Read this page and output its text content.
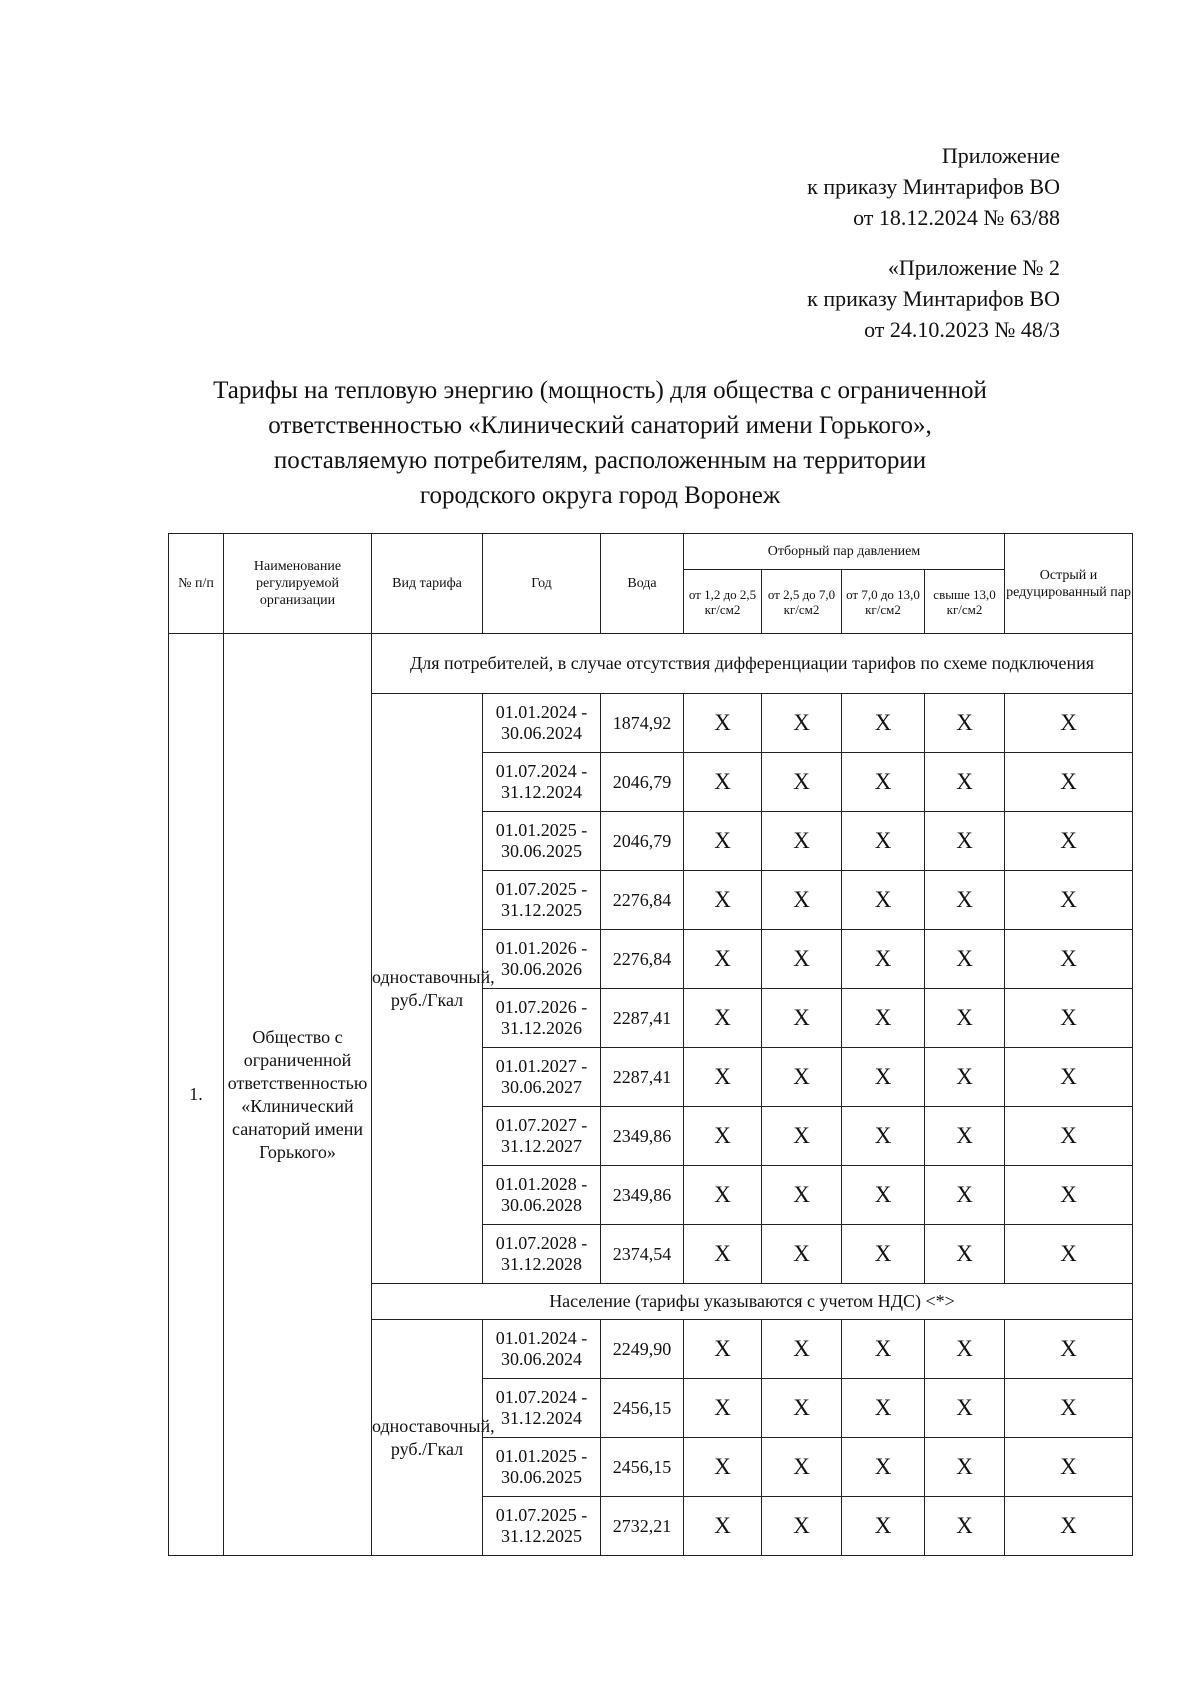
Приложение
к приказу Минтарифов ВО
от 18.12.2024 № 63/88
«Приложение № 2
к приказу Минтарифов ВО
от 24.10.2023 № 48/3
Тарифы на тепловую энергию (мощность) для общества с ограниченной
ответственностью «Клинический санаторий имени Горького»,
поставляемую потребителям, расположенным на территории
городского округа город Воронеж
№ п/п	Наименование регулируемой организации	Вид тарифа	Год	Вода	Отборный пар давлением				Острый и редуцированный пар
					от 1,2 до 2,5 кг/см2	от 2,5 до 7,0 кг/см2	от 7,0 до 13,0 кг/см2	свыше 13,0 кг/см2	
1.	Общество с ограниченной ответственностью «Клинический санаторий имени Горького»	Для потребителей, в случае отсутствия дифференциации тарифов по схеме подключения							
		одноставочный, руб./Гкал	01.01.2024 - 30.06.2024	1874,92	X	X	X	X	X
			01.07.2024 - 31.12.2024	2046,79	X	X	X	X	X
			01.01.2025 - 30.06.2025	2046,79	X	X	X	X	X
			01.07.2025 - 31.12.2025	2276,84	X	X	X	X	X
			01.01.2026 - 30.06.2026	2276,84	X	X	X	X	X
			01.07.2026 - 31.12.2026	2287,41	X	X	X	X	X
			01.01.2027 - 30.06.2027	2287,41	X	X	X	X	X
			01.07.2027 - 31.12.2027	2349,86	X	X	X	X	X
			01.01.2028 - 30.06.2028	2349,86	X	X	X	X	X
			01.07.2028 - 31.12.2028	2374,54	X	X	X	X	X
		Население (тарифы указываются с учетом НДС) <*>							
		одноставочный, руб./Гкал	01.01.2024 - 30.06.2024	2249,90	X	X	X	X	X
			01.07.2024 - 31.12.2024	2456,15	X	X	X	X	X
			01.01.2025 - 30.06.2025	2456,15	X	X	X	X	X
			01.07.2025 - 31.12.2025	2732,21	X	X	X	X	X
